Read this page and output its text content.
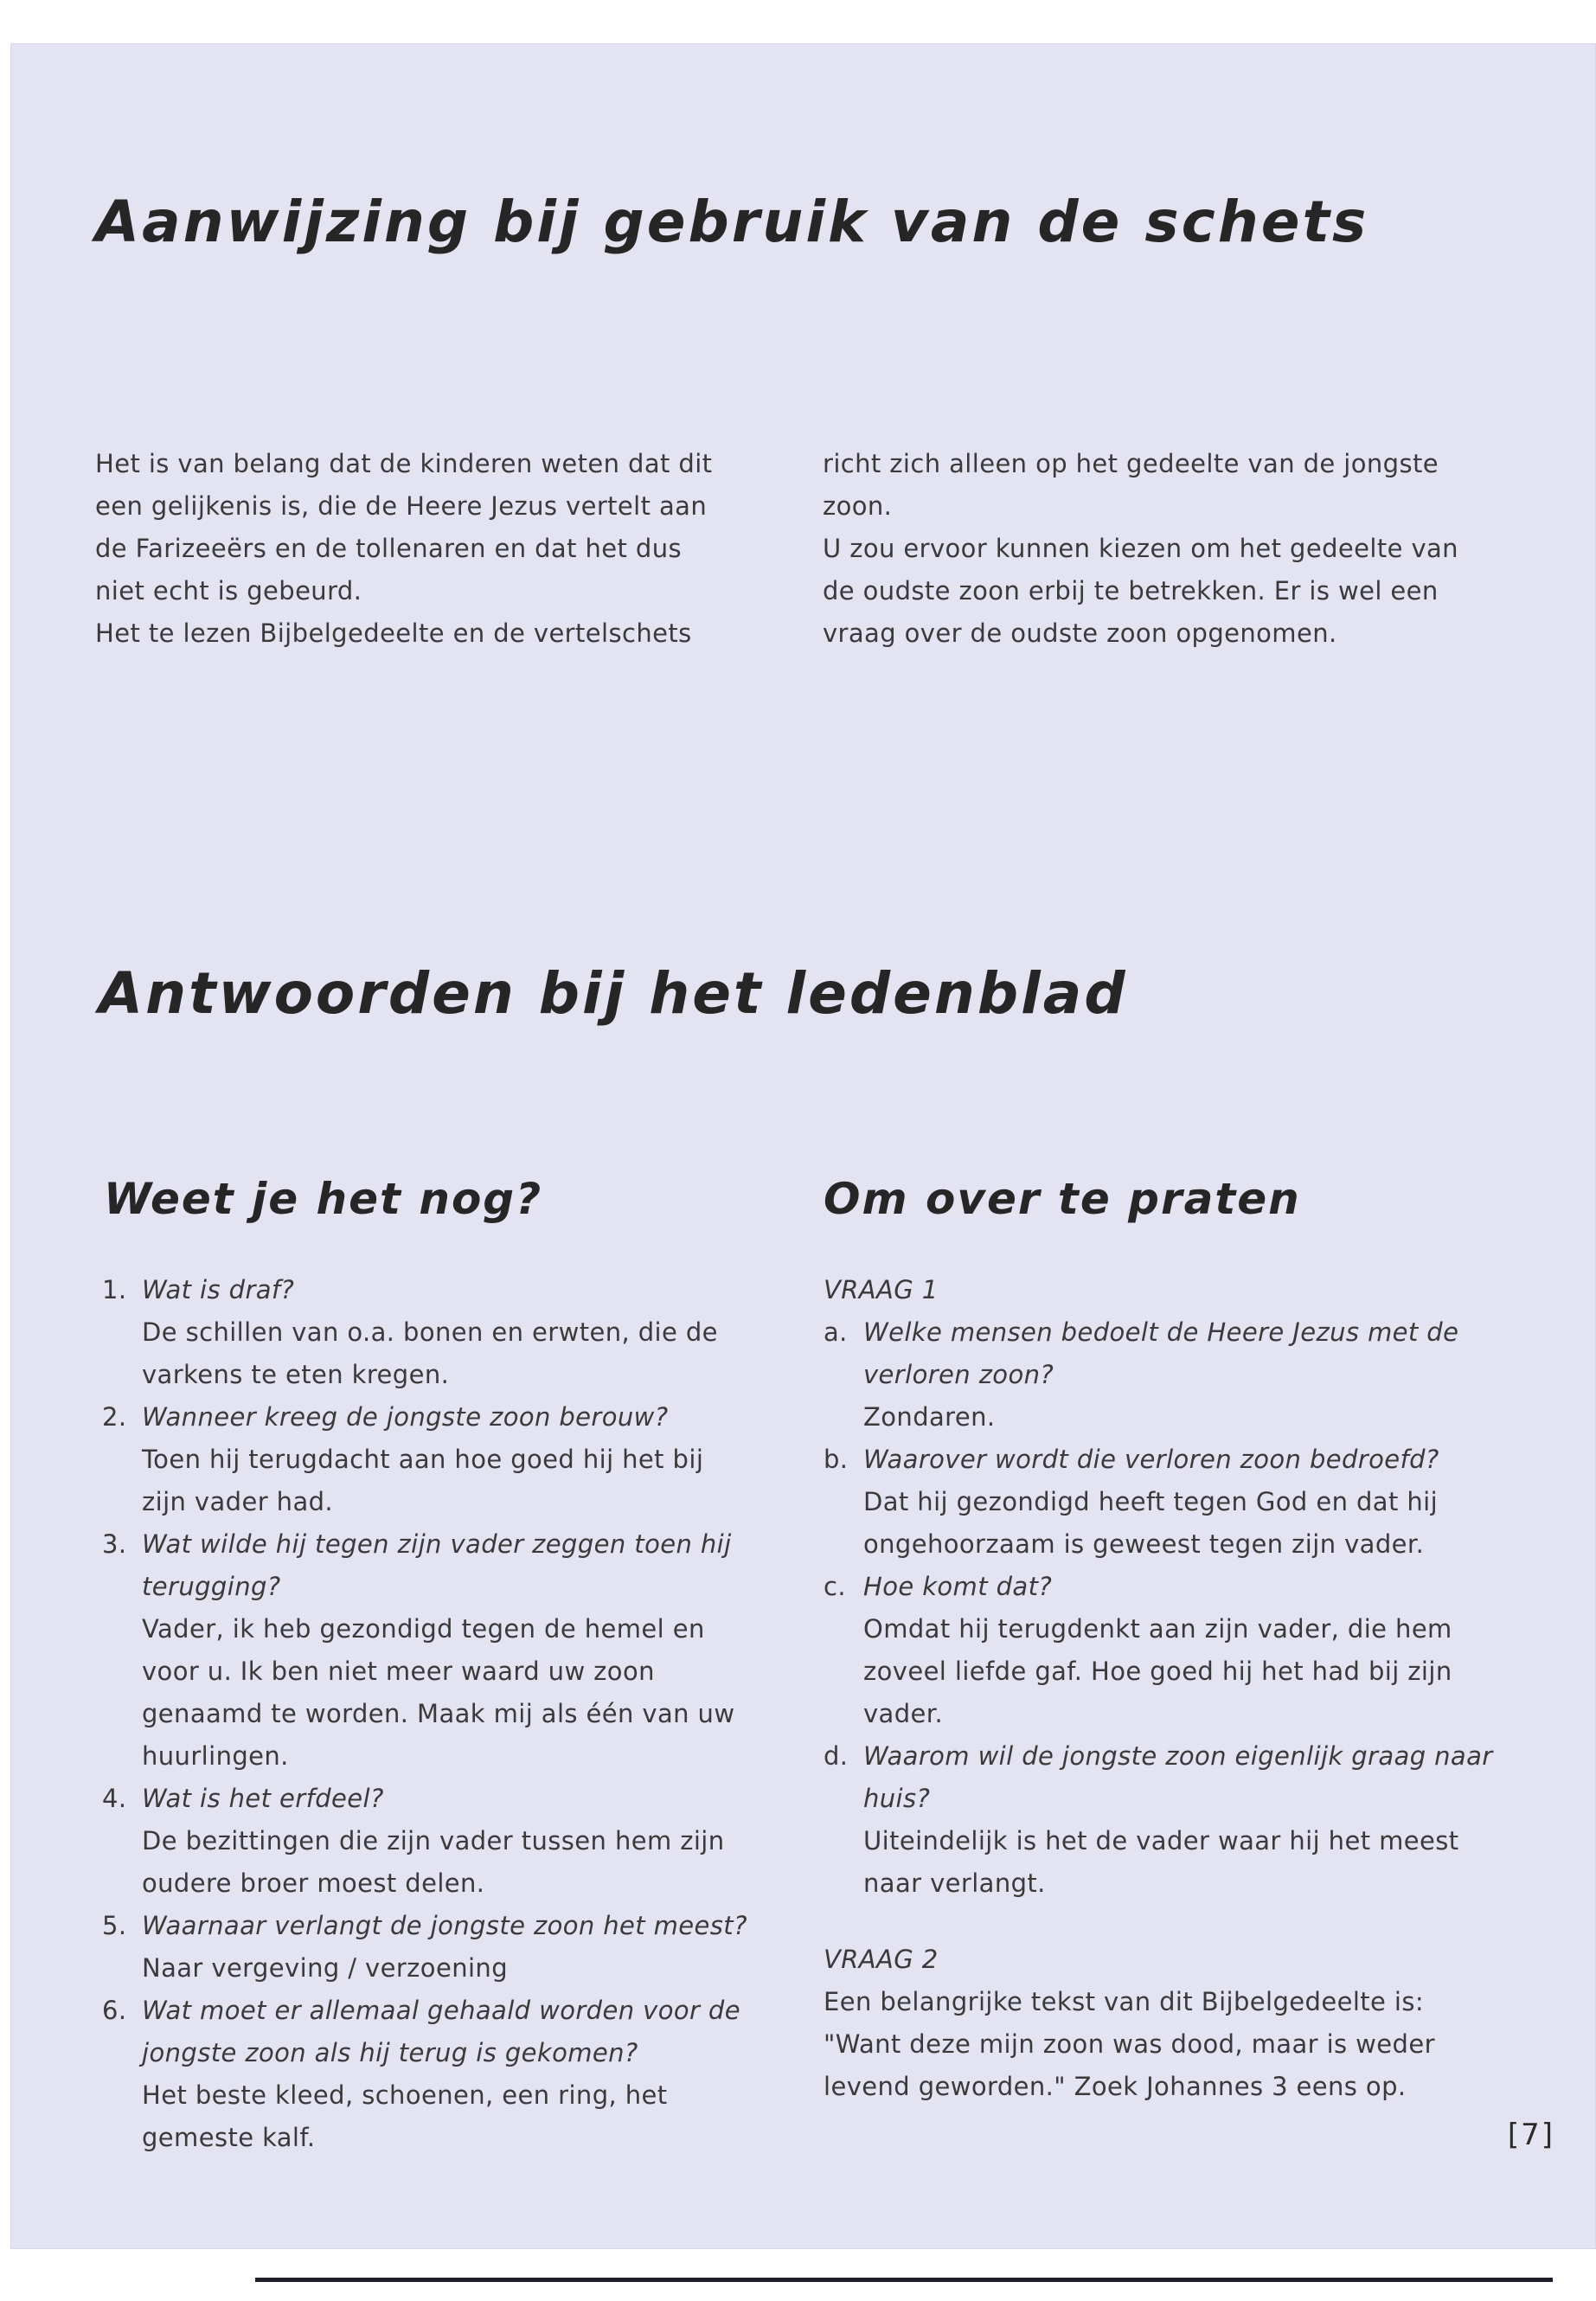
Aanwijzing bij gebruik van de schets

Het is van belang dat de kinderen weten dat dit

een gelijkenis is, die de Heere Jezus vertelt aan

de Farizeeërs en de tollenaren en dat het dus

niet echt is gebeurd.

Het te lezen Bijbelgedeelte en de vertelschets

richt zich alleen op het gedeelte van de jongste

zoon.

U zou ervoor kunnen kiezen om het gedeelte van

de oudste zoon erbij te betrekken. Er is wel een

vraag over de oudste zoon opgenomen.

Antwoorden bij het ledenblad
Weet je het nog?	Om over te praten
1. Wat is draf?
De schillen van o.a. bonen en erwten, die de
varkens te eten kregen.
2. Wanneer kreeg de jongste zoon berouw?
Toen hij terugdacht aan hoe goed hij het bij
zijn vader had.
3. Wat wilde hij tegen zijn vader zeggen toen hij
terugging?
Vader, ik heb gezondigd tegen de hemel en
voor u. Ik ben niet meer waard uw zoon
genaamd te worden. Maak mij als één van uw
huurlingen.
4. Wat is het erfdeel?
De bezittingen die zijn vader tussen hem zijn
oudere broer moest delen.
5. Waarnaar verlangt de jongste zoon het meest?
Naar vergeving / verzoening
6. Wat moet er allemaal gehaald worden voor de
jongste zoon als hij terug is gekomen?
Het beste kleed, schoenen, een ring, het
gemeste kalf.
VRAAG 1
a. Welke mensen bedoelt de Heere Jezus met de
verloren zoon?
Zondaren.
b. Waarover wordt die verloren zoon bedroefd?
Dat hij gezondigd heeft tegen God en dat hij
ongehoorzaam is geweest tegen zijn vader.
c. Hoe komt dat?
Omdat hij terugdenkt aan zijn vader, die hem
zoveel liefde gaf. Hoe goed hij het had bij zijn
vader.
d. Waarom wil de jongste zoon eigenlijk graag naar
huis?
Uiteindelijk is het de vader waar hij het meest
naar verlangt.
VRAAG 2
Een belangrijke tekst van dit Bijbelgedeelte is:
"Want deze mijn zoon was dood, maar is weder
levend geworden." Zoek Johannes 3 eens op.
[7]
